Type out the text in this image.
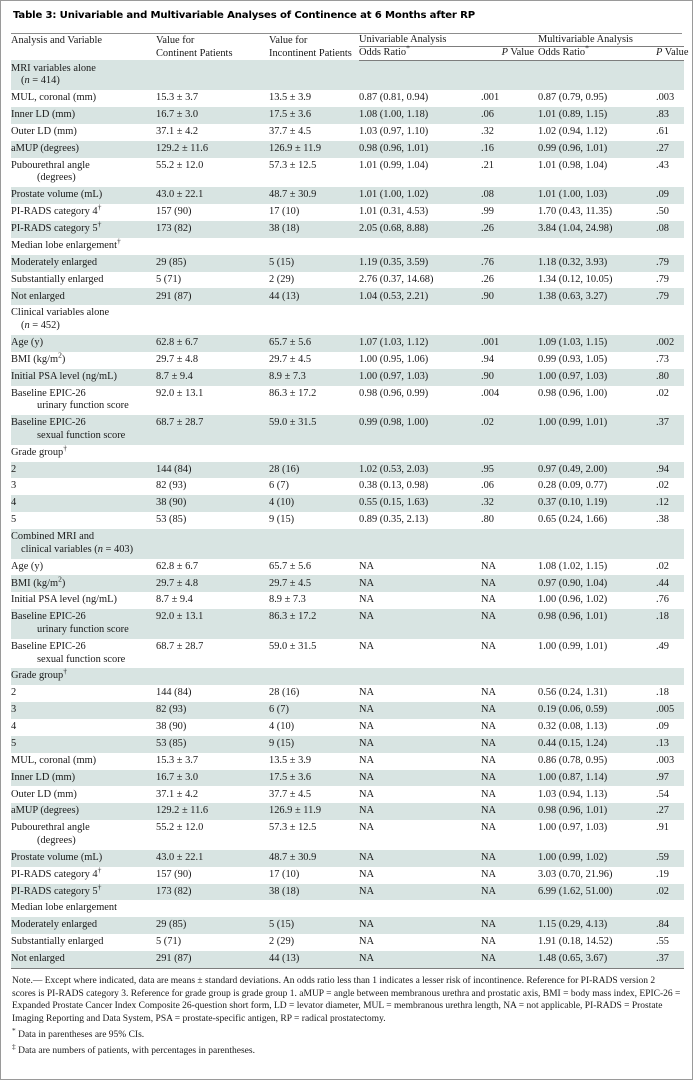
Table 3: Univariable and Multivariable Analyses of Continence at 6 Months after RP
Analysis and Variable	Value for
Continent Patients

Value for
Incontinent Patients
	Univariable Analysis	Multivariable Analysis
			Odds Ratio*	P Value	Odds Ratio*	P Value
MRI variables alone
(n = 414)						

MUL, coronal (mm)	15.3 ± 3.7	13.5 ± 3.9	0.87 (0.81, 0.94)	.001	0.87 (0.79, 0.95)	.003
Inner LD (mm)	16.7 ± 3.0	17.5 ± 3.6	1.08 (1.00, 1.18)	.06	1.01 (0.89, 1.15)	.83
Outer LD (mm)	37.1 ± 4.2	37.7 ± 4.5	1.03 (0.97, 1.10)	.32	1.02 (0.94, 1.12)	.61
aMUP (degrees)	129.2 ± 11.6	126.9 ± 11.9	0.98 (0.96, 1.01)	.16	0.99 (0.96, 1.01)	.27
Pubourethral angle
(degrees)	55.2 ± 12.0	57.3 ± 12.5	1.01 (0.99, 1.04)	.21	1.01 (0.98, 1.04)	.43
Prostate volume (mL)	43.0 ± 22.1	48.7 ± 30.9	1.01 (1.00, 1.02)	.08	1.01 (1.00, 1.03)	.09
PI-RADS category 4†	157 (90)	17 (10)	1.01 (0.31, 4.53)	.99	1.70 (0.43, 11.35)	.50
PI-RADS category 5†	173 (82)	38 (18)	2.05 (0.68, 8.88)	.26	3.84 (1.04, 24.98)	.08
Median lobe enlargement†
Moderately enlarged	29 (85)	5 (15)	1.19 (0.35, 3.59)	.76	1.18 (0.32, 3.93)	.79
Substantially enlarged	5 (71)	2 (29)	2.76 (0.37, 14.68)	.26	1.34 (0.12, 10.05)	.79
Not enlarged	291 (87)	44 (13)	1.04 (0.53, 2.21)	.90	1.38 (0.63, 3.27)	.79
Clinical variables alone
(n = 452)						

Age (y)	62.8 ± 6.7	65.7 ± 5.6	1.07 (1.03, 1.12)	.001	1.09 (1.03, 1.15)	.002
BMI $(kg/m^2)$	29.7 ± 4.8	29.7 ± 4.5	1.00 (0.95, 1.06)	.94	0.99 (0.93, 1.05)	.73
Initial PSA level (ng/mL)	8.7 ± 9.4	8.9 ± 7.3	1.00 (0.97, 1.03)	.90	1.00 (0.97, 1.03)	.80
Baseline EPIC-26
urinary function score	92.0 ± 13.1	86.3 ± 17.2	0.98 (0.96, 0.99)	.004	0.98 (0.96, 1.00)	.02
Baseline EPIC-26
sexual function score	68.7 ± 28.7	59.0 ± 31.5	0.99 (0.98, 1.00)	.02	1.00 (0.99, 1.01)	.37
Grade group†
2	144 (84)	28 (16)	1.02 (0.53, 2.03)	.95	0.97 (0.49, 2.00)	.94
3	82 (93)	6 (7)	0.38 (0.13, 0.98)	.06	0.28 (0.09, 0.77)	.02
4	38 (90)	4 (10)	0.55 (0.15, 1.63)	.32	0.37 (0.10, 1.19)	.12
5	53 (85)	9 (15)	0.89 (0.35, 2.13)	.80	0.65 (0.24, 1.66)	.38
Combined MRI and
clinical variables (n = 403)						

Age (y)	62.8 ± 6.7	65.7 ± 5.6	NA	NA	1.08 (1.02, 1.15)	.02
BMI $(kg/m^2)$	29.7 ± 4.8	29.7 ± 4.5	NA	NA	0.97 (0.90, 1.04)	.44
Initial PSA level (ng/mL)	8.7 ± 9.4	8.9 ± 7.3	NA	NA	1.00 (0.96, 1.02)	.76
Baseline EPIC-26
urinary function score	92.0 ± 13.1	86.3 ± 17.2	NA	NA	0.98 (0.96, 1.01)	.18
Baseline EPIC-26
sexual function score	68.7 ± 28.7	59.0 ± 31.5	NA	NA	1.00 (0.99, 1.01)	.49
Grade group†
2	144 (84)	28 (16)	NA	NA	0.56 (0.24, 1.31)	.18
3	82 (93)	6 (7)	NA	NA	0.19 (0.06, 0.59)	.005
4	38 (90)	4 (10)	NA	NA	0.32 (0.08, 1.13)	.09
5	53 (85)	9 (15)	NA	NA	0.44 (0.15, 1.24)	.13
MUL, coronal (mm)	15.3 ± 3.7	13.5 ± 3.9	NA	NA	0.86 (0.78, 0.95)	.003
Inner LD (mm)	16.7 ± 3.0	17.5 ± 3.6	NA	NA	1.00 (0.87, 1.14)	.97
Outer LD (mm)	37.1 ± 4.2	37.7 ± 4.5	NA	NA	1.03 (0.94, 1.13)	.54
aMUP (degrees)	129.2 ± 11.6	126.9 ± 11.9	NA	NA	0.98 (0.96, 1.01)	.27
Pubourethral angle
(degrees)	55.2 ± 12.0	57.3 ± 12.5	NA	NA	1.00 (0.97, 1.03)	.91
Prostate volume (mL)	43.0 ± 22.1	48.7 ± 30.9	NA	NA	1.00 (0.99, 1.02)	.59
PI-RADS category 4†	157 (90)	17 (10)	NA	NA	3.03 (0.70, 21.96)	.19
PI-RADS category 5†	173 (82)	38 (18)	NA	NA	6.99 (1.62, 51.00)	.02
Median lobe enlargement						
Moderately enlarged	29 (85)	5 (15)	NA	NA	1.15 (0.29, 4.13)	.84
Substantially enlarged	5 (71)	2 (29)	NA	NA	1.91 (0.18, 14.52)	.55
Not enlarged	291 (87)	44 (13)	NA	NA	1.48 (0.65, 3.67)	.37

Note.— Except where indicated, data are means ± standard deviations. An odds ratio less than 1 indicates a lesser risk of incontinence. Reference for PI-RADS version 2 scores is PI-RADS category 3. Reference for grade group is grade group 1. aMUP = angle between membranous urethra and prostatic axis, BMI = body mass index, EPIC-26 = Expanded Prostate Cancer Index Composite 26-question short form, LD = levator diameter, MUL = membranous urethra length, NA = not applicable, PI-RADS = Prostate Imaging Reporting and Data System, PSA = prostate-specific antigen, RP = radical prostatectomy.

* Data in parentheses are 95% CIs.

‡ Data are numbers of patients, with percentages in parentheses.
